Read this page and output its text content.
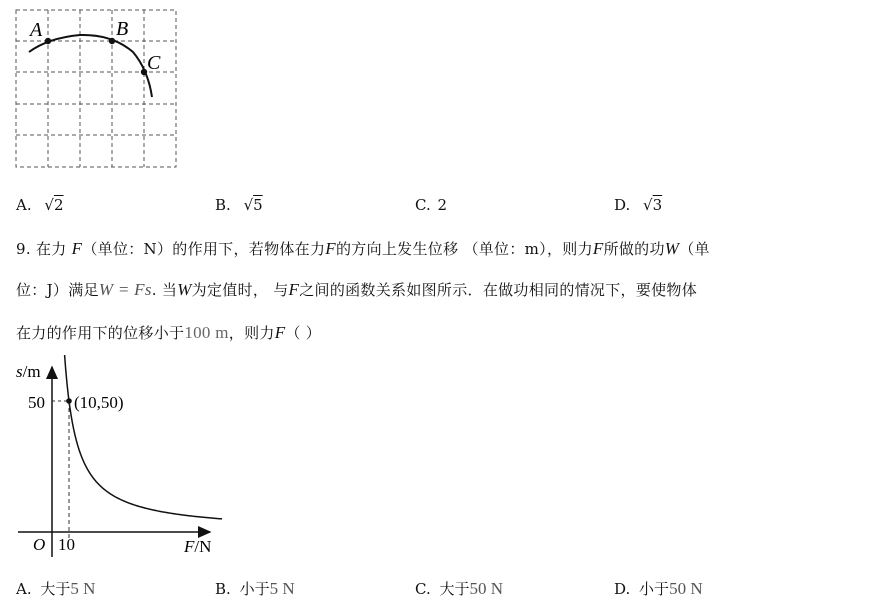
A	B
C
A. √2	B. √5	C. 2	D. √3
9. 在力 F（单位：N）的作用下，若物体在力F的方向上发生位移 （单位：m），则力F所做的功W（单
位：J）满足W = Fs. 当W为定值时， 与F之间的函数关系如图所示．在做功相同的情况下，要使物体
在力的作用下的位移小于100 m，则力F（ ）
s/m
F/N
O 10
50 (10,50)
A. 大于5 N	B. 小于5 N	C. 大于50 N	D. 小于50 N
